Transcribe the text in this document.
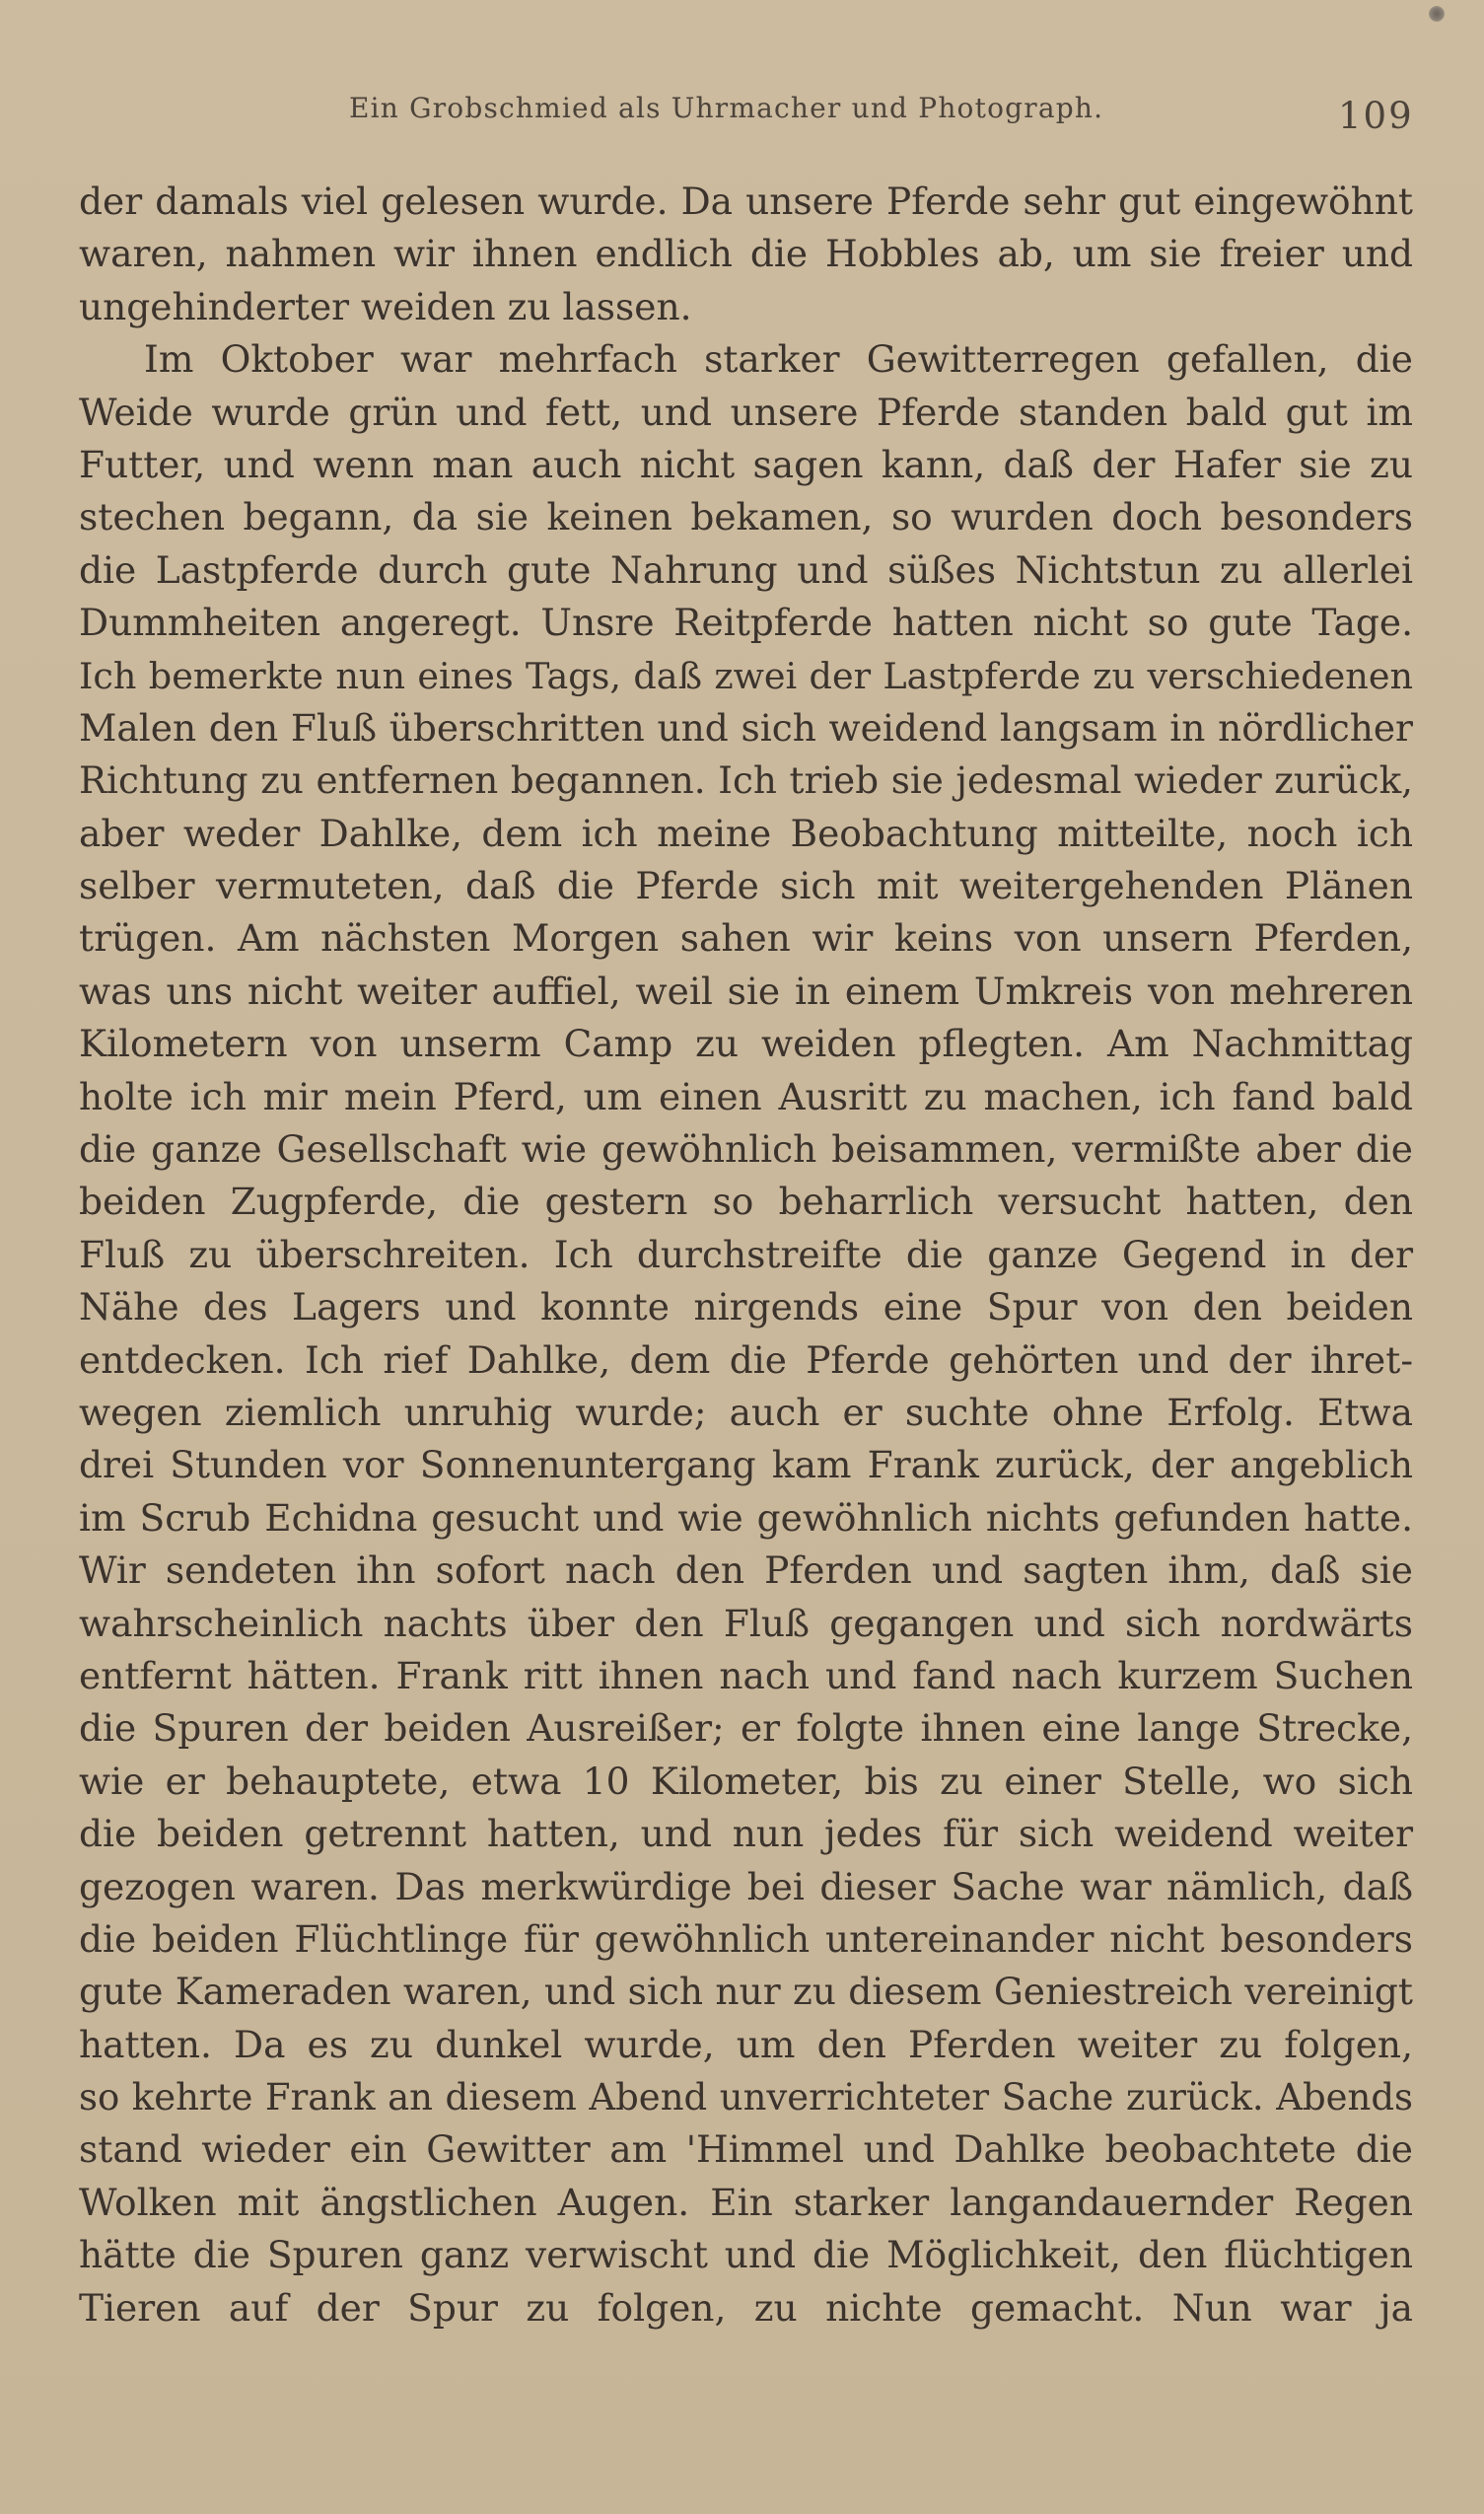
Ein Grobschmied als Uhrmacher und Photograph.	109
der damals viel gelesen wurde. Da unsere Pferde sehr gut eingewöhnt
waren, nahmen wir ihnen endlich die Hobbles ab, um sie freier und
ungehinderter weiden zu lassen.
Im Oktober war mehrfach starker Gewitterregen gefallen, die
Weide wurde grün und fett, und unsere Pferde standen bald gut im
Futter, und wenn man auch nicht sagen kann, daß der Hafer sie zu
stechen begann, da sie keinen bekamen, so wurden doch besonders
die Lastpferde durch gute Nahrung und süßes Nichtstun zu allerlei
Dummheiten angeregt. Unsre Reitpferde hatten nicht so gute Tage.
Ich bemerkte nun eines Tags, daß zwei der Lastpferde zu verschiedenen
Malen den Fluß überschritten und sich weidend langsam in nördlicher
Richtung zu entfernen begannen. Ich trieb sie jedesmal wieder zurück,
aber weder Dahlke, dem ich meine Beobachtung mitteilte, noch ich
selber vermuteten, daß die Pferde sich mit weitergehenden Plänen
trügen. Am nächsten Morgen sahen wir keins von unsern Pferden,
was uns nicht weiter auffiel, weil sie in einem Umkreis von mehreren
Kilometern von unserm Camp zu weiden pflegten. Am Nachmittag
holte ich mir mein Pferd, um einen Ausritt zu machen, ich fand bald
die ganze Gesellschaft wie gewöhnlich beisammen, vermißte aber die
beiden Zugpferde, die gestern so beharrlich versucht hatten, den
Fluß zu überschreiten. Ich durchstreifte die ganze Gegend in der
Nähe des Lagers und konnte nirgends eine Spur von den beiden
entdecken. Ich rief Dahlke, dem die Pferde gehörten und der ihret-
wegen ziemlich unruhig wurde; auch er suchte ohne Erfolg. Etwa
drei Stunden vor Sonnenuntergang kam Frank zurück, der angeblich
im Scrub Echidna gesucht und wie gewöhnlich nichts gefunden hatte.
Wir sendeten ihn sofort nach den Pferden und sagten ihm, daß sie
wahrscheinlich nachts über den Fluß gegangen und sich nordwärts
entfernt hätten. Frank ritt ihnen nach und fand nach kurzem Suchen
die Spuren der beiden Ausreißer; er folgte ihnen eine lange Strecke,
wie er behauptete, etwa 10 Kilometer, bis zu einer Stelle, wo sich
die beiden getrennt hatten, und nun jedes für sich weidend weiter
gezogen waren. Das merkwürdige bei dieser Sache war nämlich, daß
die beiden Flüchtlinge für gewöhnlich untereinander nicht besonders
gute Kameraden waren, und sich nur zu diesem Geniestreich vereinigt
hatten. Da es zu dunkel wurde, um den Pferden weiter zu folgen,
so kehrte Frank an diesem Abend unverrichteter Sache zurück. Abends
stand wieder ein Gewitter am 'Himmel und Dahlke beobachtete die
Wolken mit ängstlichen Augen. Ein starker langandauernder Regen
hätte die Spuren ganz verwischt und die Möglichkeit, den flüchtigen
Tieren auf der Spur zu folgen, zu nichte gemacht. Nun war ja
